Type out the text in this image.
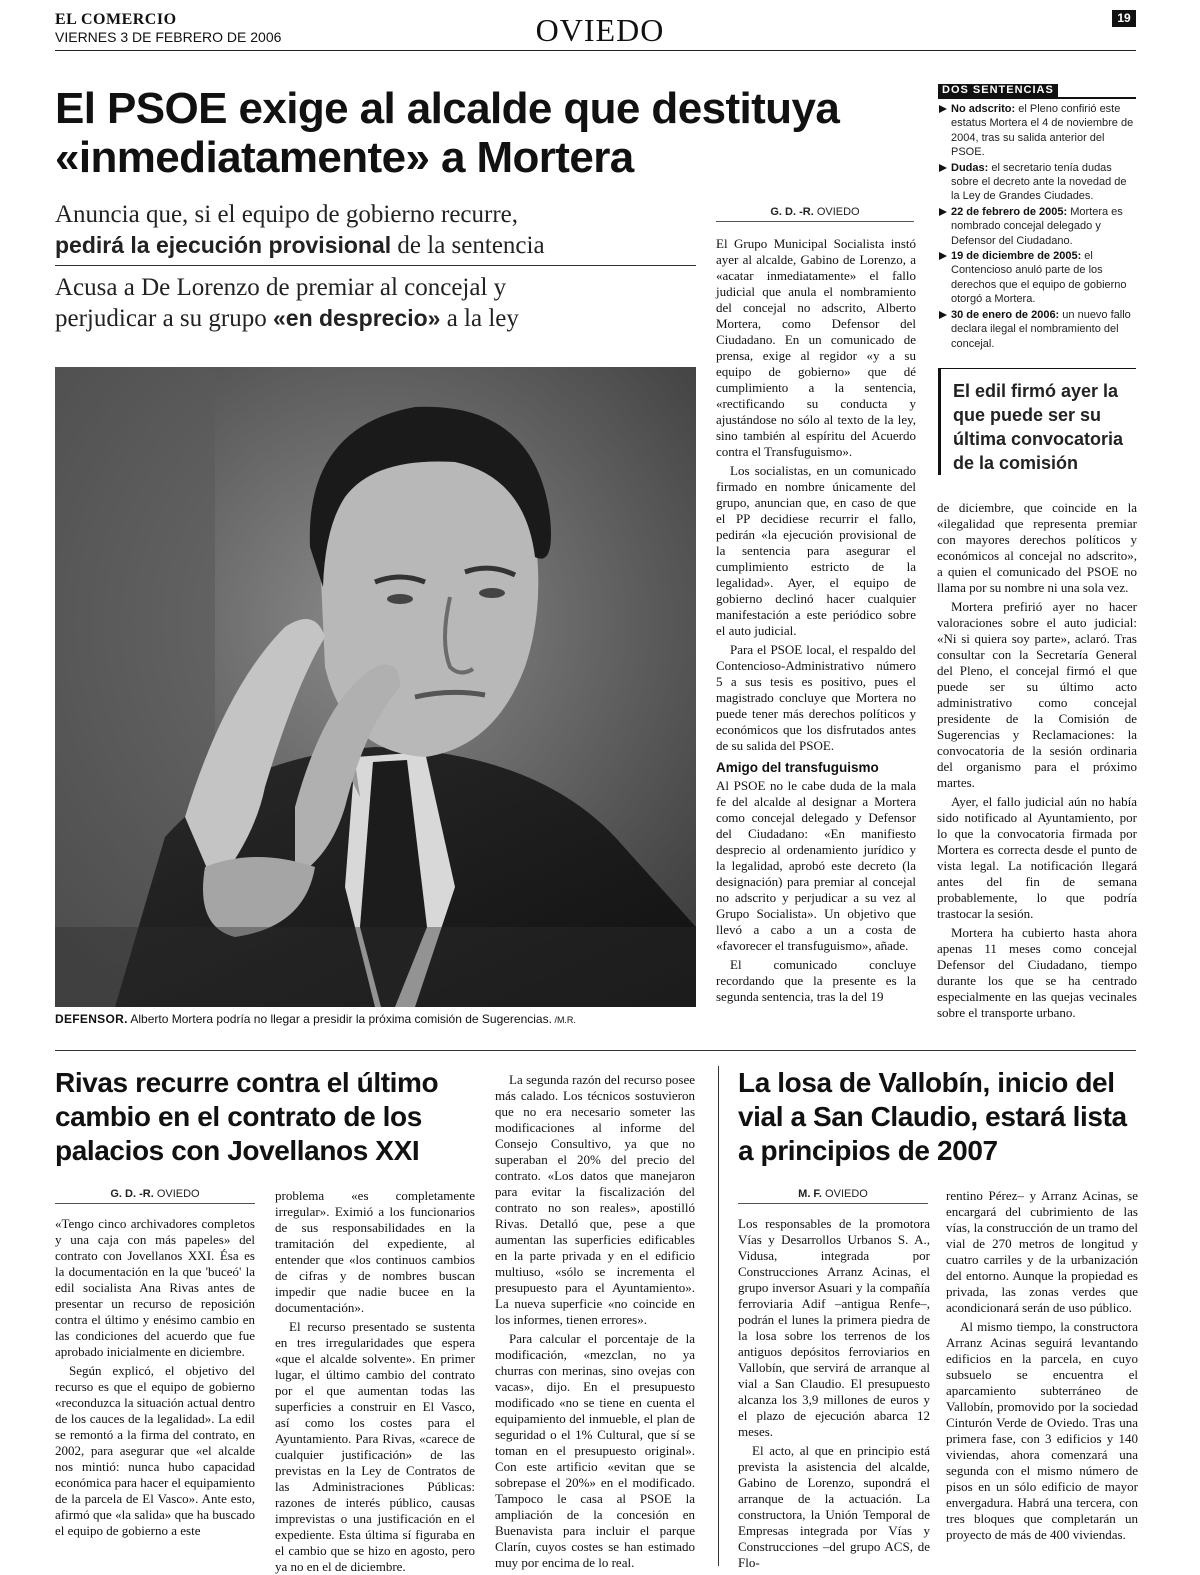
EL COMERCIO
VIERNES 3 DE FEBRERO DE 2006	OVIEDO	19
El PSOE exige al alcalde que destituya
«inmediatamente» a Mortera
Anuncia que, si el equipo de gobierno recurre,
pedirá la ejecución provisional de la sentencia
Acusa a De Lorenzo de premiar al concejal y
perjudicar a su grupo «en desprecio» a la ley
DEFENSOR. Alberto Mortera podría no llegar a presidir la próxima comisión de Sugerencias. /M.R.
G. D. -R. OVIEDO

El Grupo Municipal Socialista instó ayer al alcalde, Gabino de Lorenzo, a «acatar inmediatamente» el fallo judicial que anula el nombramiento del concejal no adscrito, Alberto Mortera, como Defensor del Ciudadano. En un comunicado de prensa, exige al regidor «y a su equipo de gobierno» que dé cumplimiento a la sentencia, «rectificando su conducta y ajustándose no sólo al texto de la ley, sino también al espíritu del Acuerdo contra el Transfuguismo».

Los socialistas, en un comunicado firmado en nombre únicamente del grupo, anuncian que, en caso de que el PP decidiese recurrir el fallo, pedirán «la ejecución provisional de la sentencia para asegurar el cumplimiento estricto de la legalidad». Ayer, el equipo de gobierno declinó hacer cualquier manifestación a este periódico sobre el auto judicial.

Para el PSOE local, el respaldo del Contencioso-Administrativo número 5 a sus tesis es positivo, pues el magistrado concluye que Mortera no puede tener más derechos políticos y económicos que los disfrutados antes de su salida del PSOE.

Amigo del transfuguismo

Al PSOE no le cabe duda de la mala fe del alcalde al designar a Mortera como concejal delegado y Defensor del Ciudadano: «En manifiesto desprecio al ordenamiento jurídico y la legalidad, aprobó este decreto (la designación) para premiar al concejal no adscrito y perjudicar a su vez al Grupo Socialista». Un objetivo que llevó a cabo a un a costa de «favorecer el transfuguismo», añade.

El comunicado concluye recordando que la presente es la segunda sentencia, tras la del 19

de diciembre, que coincide en la «ilegalidad que representa premiar con mayores derechos políticos y económicos al concejal no adscrito», a quien el comunicado del PSOE no llama por su nombre ni una sola vez.

Mortera prefirió ayer no hacer valoraciones sobre el auto judicial: «Ni si quiera soy parte», aclaró. Tras consultar con la Secretaría General del Pleno, el concejal firmó el que puede ser su último acto administrativo como concejal presidente de la Comisión de Sugerencias y Reclamaciones: la convocatoria de la sesión ordinaria del organismo para el próximo martes.

Ayer, el fallo judicial aún no había sido notificado al Ayuntamiento, por lo que la convocatoria firmada por Mortera es correcta desde el punto de vista legal. La notificación llegará antes del fin de semana probablemente, lo que podría trastocar la sesión.

Mortera ha cubierto hasta ahora apenas 11 meses como concejal Defensor del Ciudadano, tiempo durante los que se ha centrado especialmente en las quejas vecinales sobre el transporte urbano.

DOS SENTENCIAS
No adscrito: el Pleno confirió este estatus Mortera el 4 de noviembre de 2004, tras su salida anterior del PSOE.
Dudas: el secretario tenía dudas sobre el decreto ante la novedad de la Ley de Grandes Ciudades.
22 de febrero de 2005: Mortera es nombrado concejal delegado y Defensor del Ciudadano.
19 de diciembre de 2005: el Contencioso anuló parte de los derechos que el equipo de gobierno otorgó a Mortera.
30 de enero de 2006: un nuevo fallo declara ilegal el nombramiento del concejal.
El edil firmó ayer la que puede ser su última convocatoria de la comisión
Rivas recurre contra el último cambio en el contrato de los palacios con Jovellanos XXI
G. D. -R. OVIEDO

«Tengo cinco archivadores completos y una caja con más papeles» del contrato con Jovellanos XXI. Ésa es la documentación en la que 'buceó' la edil socialista Ana Rivas antes de presentar un recurso de reposición contra el último y enésimo cambio en las condiciones del acuerdo que fue aprobado inicialmente en diciembre.

Según explicó, el objetivo del recurso es que el equipo de gobierno «reconduzca la situación actual dentro de los cauces de la legalidad». La edil se remontó a la firma del contrato, en 2002, para asegurar que «el alcalde nos mintió: nunca hubo capacidad económica para hacer el equipamiento de la parcela de El Vasco». Ante esto, afirmó que «la salida» que ha buscado el equipo de gobierno a este

problema «es completamente irregular». Eximió a los funcionarios de sus responsabilidades en la tramitación del expediente, al entender que «los continuos cambios de cifras y de nombres buscan impedir que nadie bucee en la documentación».

El recurso presentado se sustenta en tres irregularidades que espera «que el alcalde solvente». En primer lugar, el último cambio del contrato por el que aumentan todas las superficies a construir en El Vasco, así como los costes para el Ayuntamiento. Para Rivas, «carece de cualquier justificación» de las previstas en la Ley de Contratos de las Administraciones Públicas: razones de interés público, causas imprevistas o una justificación en el expediente. Esta última sí figuraba en el cambio que se hizo en agosto, pero ya no en el de diciembre.

La segunda razón del recurso posee más calado. Los técnicos sostuvieron que no era necesario someter las modificaciones al informe del Consejo Consultivo, ya que no superaban el 20% del precio del contrato. «Los datos que manejaron para evitar la fiscalización del contrato no son reales», apostilló Rivas. Detalló que, pese a que aumentan las superficies edificables en la parte privada y en el edificio multiuso, «sólo se incrementa el presupuesto para el Ayuntamiento». La nueva superficie «no coincide en los informes, tienen errores».

Para calcular el porcentaje de la modificación, «mezclan, no ya churras con merinas, sino ovejas con vacas», dijo. En el presupuesto modificado «no se tiene en cuenta el equipamiento del inmueble, el plan de seguridad o el 1% Cultural, que sí se toman en el presupuesto original». Con este artificio «evitan que se sobrepase el 20%» en el modificado. Tampoco le casa al PSOE la ampliación de la concesión en Buenavista para incluir el parque Clarín, cuyos costes se han estimado muy por encima de lo real.

La losa de Vallobín, inicio del vial a San Claudio, estará lista a principios de 2007
M. F. OVIEDO

Los responsables de la promotora Vías y Desarrollos Urbanos S. A., Vidusa, integrada por Construcciones Arranz Acinas, el grupo inversor Asuari y la compañía ferroviaria Adif –antigua Renfe–, podrán el lunes la primera piedra de la losa sobre los terrenos de los antiguos depósitos ferroviarios en Vallobín, que servirá de arranque al vial a San Claudio. El presupuesto alcanza los 3,9 millones de euros y el plazo de ejecución abarca 12 meses.

El acto, al que en principio está prevista la asistencia del alcalde, Gabino de Lorenzo, supondrá el arranque de la actuación. La constructora, la Unión Temporal de Empresas integrada por Vías y Construcciones –del grupo ACS, de Flo-

rentino Pérez– y Arranz Acinas, se encargará del cubrimiento de las vías, la construcción de un tramo del vial de 270 metros de longitud y cuatro carriles y de la urbanización del entorno. Aunque la propiedad es privada, las zonas verdes que acondicionará serán de uso público.

Al mismo tiempo, la constructora Arranz Acinas seguirá levantando edificios en la parcela, en cuyo subsuelo se encuentra el aparcamiento subterráneo de Vallobín, promovido por la sociedad Cinturón Verde de Oviedo. Tras una primera fase, con 3 edificios y 140 viviendas, ahora comenzará una segunda con el mismo número de pisos en un sólo edificio de mayor envergadura. Habrá una tercera, con tres bloques que completarán un proyecto de más de 400 viviendas.
